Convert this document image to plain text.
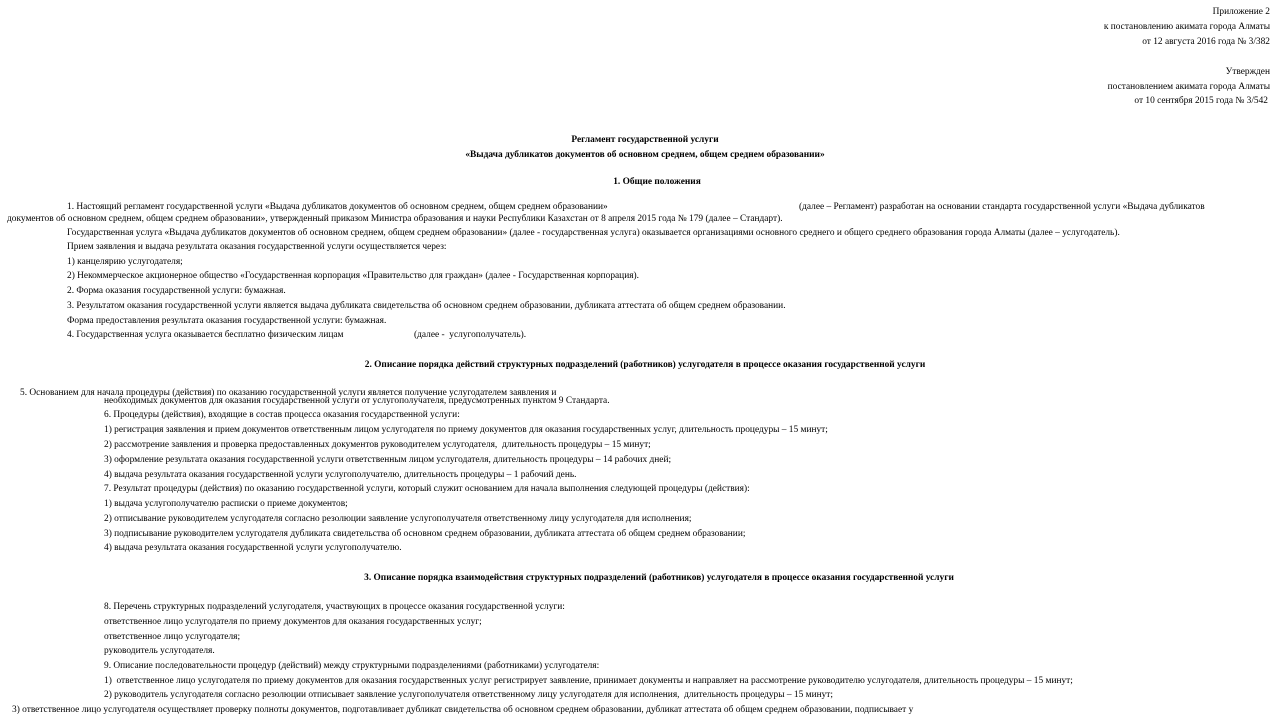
Приложение 2
к постановлению акимата города Алматы
от 12 августа 2016 года № 3/382
Утвержден
постановлением акимата города Алматы
от 10 сентября 2015 года № 3/542
Регламент государственной услуги
«Выдача дубликатов документов об основном среднем, общем среднем образовании»
1. Общие положения
1. Настоящий регламент государственной услуги «Выдача дубликатов документов об основном среднем, общем среднем образовании»	(далее – Регламент) разработан на основании стандарта государственной услуги «Выдача дубликатов
документов об основном среднем, общем среднем образовании», утвержденный приказом Министра образования и науки Республики Казахстан от 8 апреля 2015 года № 179 (далее – Стандарт).
Государственная услуга «Выдача дубликатов документов об основном среднем, общем среднем образовании» (далее - государственная услуга) оказывается организациями основного среднего и общего среднего образования города Алматы (далее – услугодатель).
Прием заявления и выдача результата оказания государственной услуги осуществляется через:
1) канцелярию услугодателя;
2) Некоммерческое акционерное общество «Государственная корпорация «Правительство для граждан» (далее - Государственная корпорация).
2. Форма оказания государственной услуги: бумажная.
3. Результатом оказания государственной услуги является выдача дубликата свидетельства об основном среднем образовании, дубликата аттестата об общем среднем образовании.
Форма предоставления результата оказания государственной услуги: бумажная.
4. Государственная услуга оказывается бесплатно физическим лицам	(далее -  услугополучатель).
2. Описание порядка действий структурных подразделений (работников) услугодателя в процессе оказания государственной услуги
5. Основанием для начала процедуры (действия) по оказанию государственной услуги является получение услугодателем заявления и
необходимых документов для оказания государственной услуги от услугополучателя, предусмотренных пунктом 9 Стандарта.
6. Процедуры (действия), входящие в состав процесса оказания государственной услуги:
1) регистрация заявления и прием документов ответственным лицом услугодателя по приему документов для оказания государственных услуг, длительность процедуры – 15 минут;
2) рассмотрение заявления и проверка предоставленных документов руководителем услугодателя,  длительность процедуры – 15 минут;
3) оформление результата оказания государственной услуги ответственным лицом услугодателя, длительность процедуры – 14 рабочих дней;
4) выдача результата оказания государственной услуги услугополучателю, длительность процедуры – 1 рабочий день.
7. Результат процедуры (действия) по оказанию государственной услуги, который служит основанием для начала выполнения следующей процедуры (действия):
1) выдача услугополучателю расписки о приеме документов;
2) отписывание руководителем услугодателя согласно резолюции заявление услугополучателя ответственному лицу услугодателя для исполнения;
3) подписывание руководителем услугодателя дубликата свидетельства об основном среднем образовании, дубликата аттестата об общем среднем образовании;
4) выдача результата оказания государственной услуги услугополучателю.
3. Описание порядка взаимодействия структурных подразделений (работников) услугодателя в процессе оказания государственной услуги
8. Перечень структурных подразделений услугодателя, участвующих в процессе оказания государственной услуги:
ответственное лицо услугодателя по приему документов для оказания государственных услуг;
ответственное лицо услугодателя;
руководитель услугодателя.
9. Описание последовательности процедур (действий) между структурными подразделениями (работниками) услугодателя:
1)  ответственное лицо услугодателя по приему документов для оказания государственных услуг регистрирует заявление, принимает документы и направляет на рассмотрение руководителю услугодателя, длительность процедуры – 15 минут;
2) руководитель услугодателя согласно резолюции отписывает заявление услугополучателя ответственному лицу услугодателя для исполнения,  длительность процедуры – 15 минут;
3) ответственное лицо услугодателя осуществляет проверку полноты документов, подготавливает дубликат свидетельства об основном среднем образовании, дубликат аттестата об общем среднем образовании, подписывает у
